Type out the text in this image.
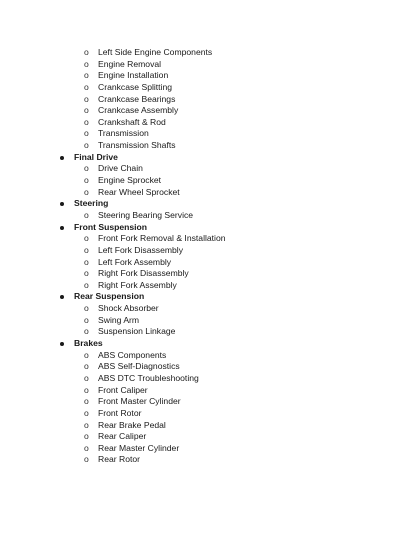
o Left Side Engine Components
o Engine Removal
o Engine Installation
o Crankcase Splitting
o Crankcase Bearings
o Crankcase Assembly
o Crankshaft & Rod
o Transmission
o Transmission Shafts
Final Drive
o Drive Chain
o Engine Sprocket
o Rear Wheel Sprocket
Steering
o Steering Bearing Service
Front Suspension
o Front Fork Removal & Installation
o Left Fork Disassembly
o Left Fork Assembly
o Right Fork Disassembly
o Right Fork Assembly
Rear Suspension
o Shock Absorber
o Swing Arm
o Suspension Linkage
Brakes
o ABS Components
o ABS Self-Diagnostics
o ABS DTC Troubleshooting
o Front Caliper
o Front Master Cylinder
o Front Rotor
o Rear Brake Pedal
o Rear Caliper
o Rear Master Cylinder
o Rear Rotor
